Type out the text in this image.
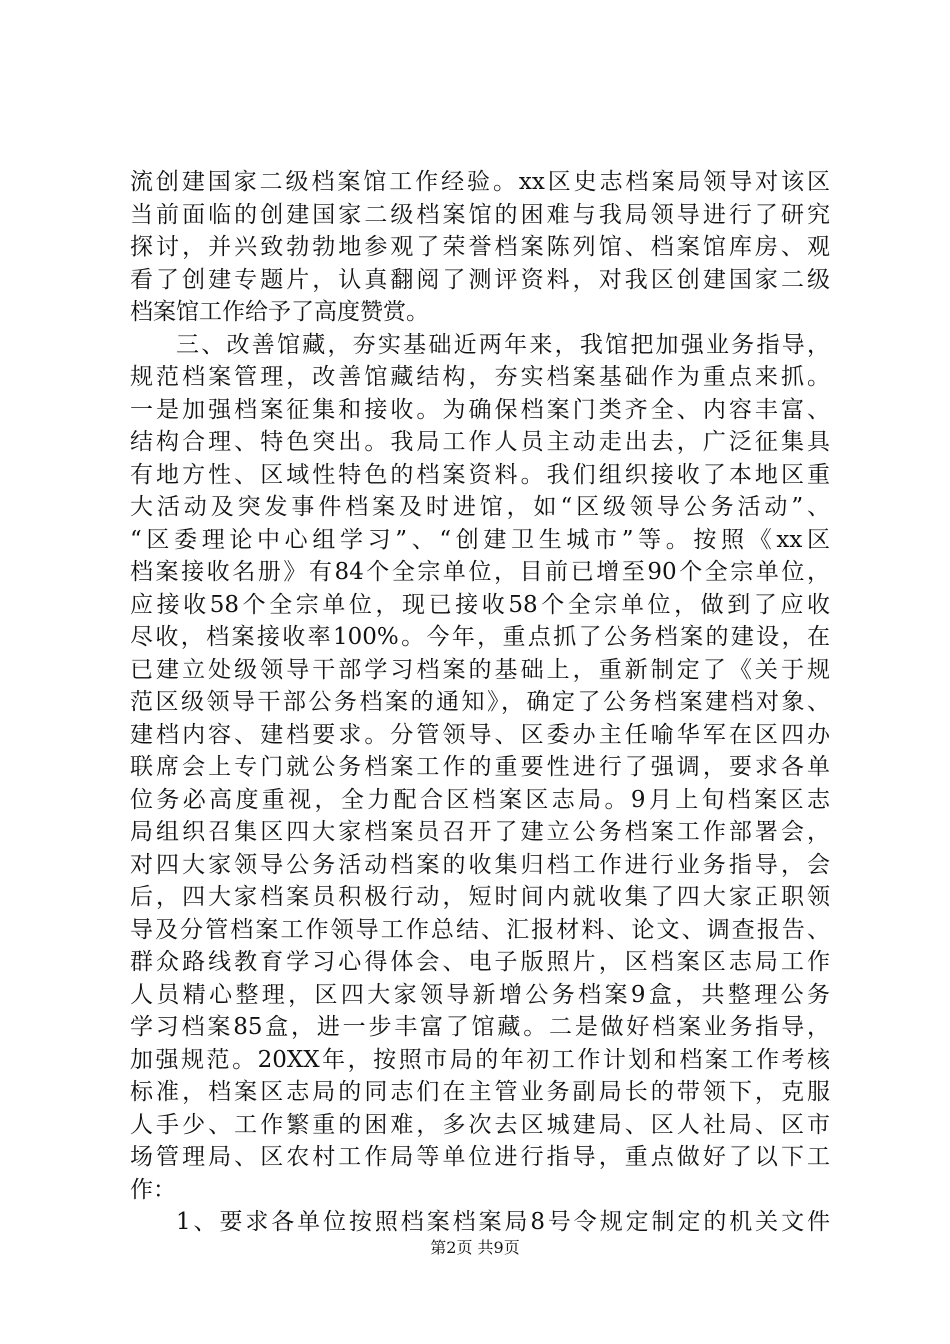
流创建国家二级档案馆工作经验。xx区史志档案局领导对该区
当前面临的创建国家二级档案馆的困难与我局领导进行了研究
探讨，并兴致勃勃地参观了荣誉档案陈列馆、档案馆库房、观
看了创建专题片，认真翻阅了测评资料，对我区创建国家二级
档案馆工作给予了高度赞赏。
三、改善馆藏，夯实基础近两年来，我馆把加强业务指导，
规范档案管理，改善馆藏结构，夯实档案基础作为重点来抓。
一是加强档案征集和接收。为确保档案门类齐全、内容丰富、
结构合理、特色突出。我局工作人员主动走出去，广泛征集具
有地方性、区域性特色的档案资料。我们组织接收了本地区重
大活动及突发事件档案及时进馆，如“区级领导公务活动”、
“区委理论中心组学习”、“创建卫生城市”等。按照《xx区
档案接收名册》有84个全宗单位，目前已增至90个全宗单位，
应接收58个全宗单位，现已接收58个全宗单位，做到了应收
尽收，档案接收率100%。今年，重点抓了公务档案的建设，在
已建立处级领导干部学习档案的基础上，重新制定了《关于规
范区级领导干部公务档案的通知》，确定了公务档案建档对象、
建档内容、建档要求。分管领导、区委办主任喻华军在区四办
联席会上专门就公务档案工作的重要性进行了强调，要求各单
位务必高度重视，全力配合区档案区志局。9月上旬档案区志
局组织召集区四大家档案员召开了建立公务档案工作部署会，
对四大家领导公务活动档案的收集归档工作进行业务指导，会
后，四大家档案员积极行动，短时间内就收集了四大家正职领
导及分管档案工作领导工作总结、汇报材料、论文、调查报告、
群众路线教育学习心得体会、电子版照片，区档案区志局工作
人员精心整理，区四大家领导新增公务档案9盒，共整理公务
学习档案85盒，进一步丰富了馆藏。二是做好档案业务指导，
加强规范。20XX年，按照市局的年初工作计划和档案工作考核
标准，档案区志局的同志们在主管业务副局长的带领下，克服
人手少、工作繁重的困难，多次去区城建局、区人社局、区市
场管理局、区农村工作局等单位进行指导，重点做好了以下工
作：
1、要求各单位按照档案档案局8号令规定制定的机关文件
第2页 共9页
